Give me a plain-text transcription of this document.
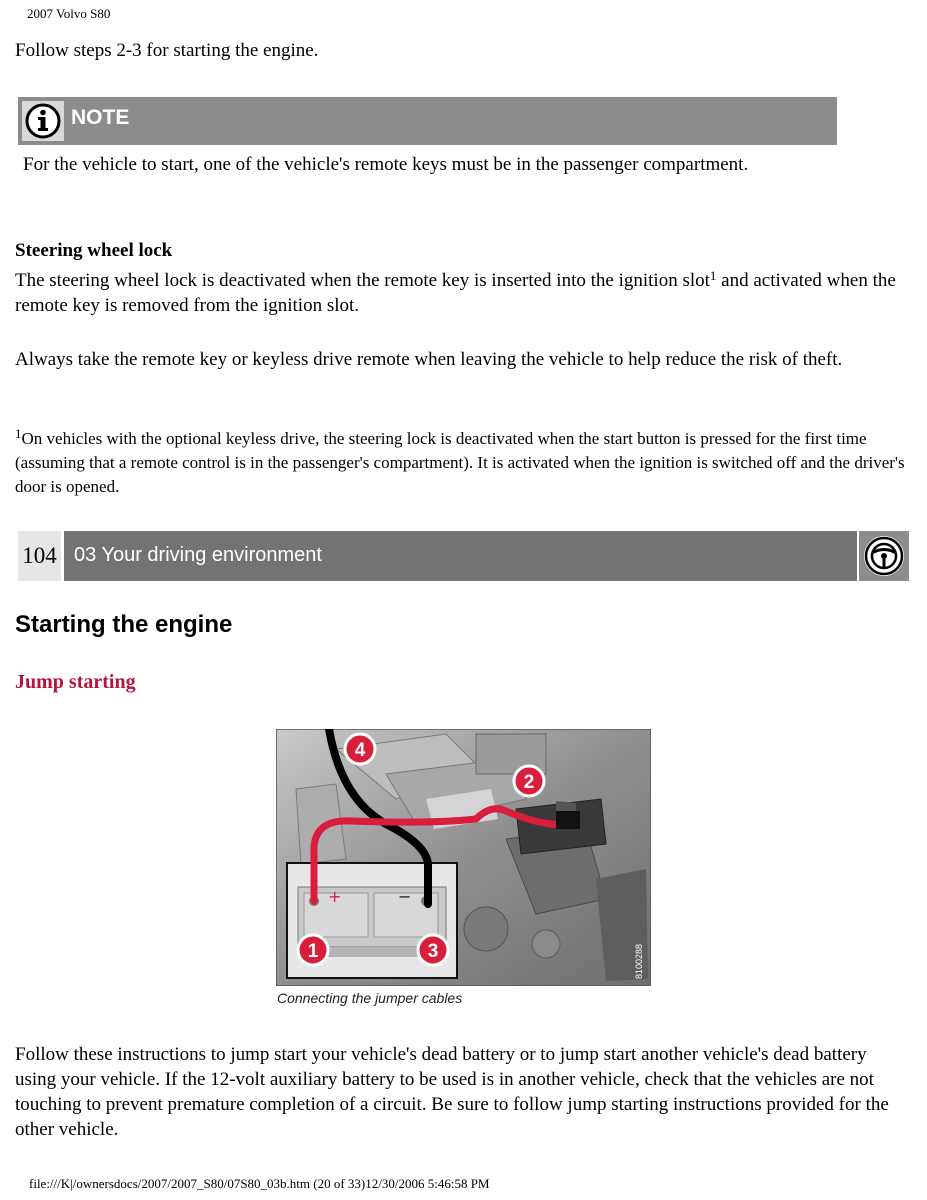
2007 Volvo S80
Follow steps 2-3 for starting the engine.
NOTE
For the vehicle to start, one of the vehicle's remote keys must be in the passenger compartment.
Steering wheel lock
The steering wheel lock is deactivated when the remote key is inserted into the ignition slot$^1$ and activated when the remote key is removed from the ignition slot.
Always take the remote key or keyless drive remote when leaving the vehicle to help reduce the risk of theft.
$^1$On vehicles with the optional keyless drive, the steering lock is deactivated when the start button is pressed for the first time (assuming that a remote control is in the passenger's compartment). It is activated when the ignition is switched off and the driver's door is opened.
104 03 Your driving environment
Starting the engine
Jump starting
+	−
1
2
3
4
8100288
Connecting the jumper cables
Follow these instructions to jump start your vehicle's dead battery or to jump start another vehicle's dead battery using your vehicle. If the 12-volt auxiliary battery to be used is in another vehicle, check that the vehicles are not touching to prevent premature completion of a circuit. Be sure to follow jump starting instructions provided for the other vehicle.
file:///K|/ownersdocs/2007/2007_S80/07S80_03b.htm (20 of 33)12/30/2006 5:46:58 PM
